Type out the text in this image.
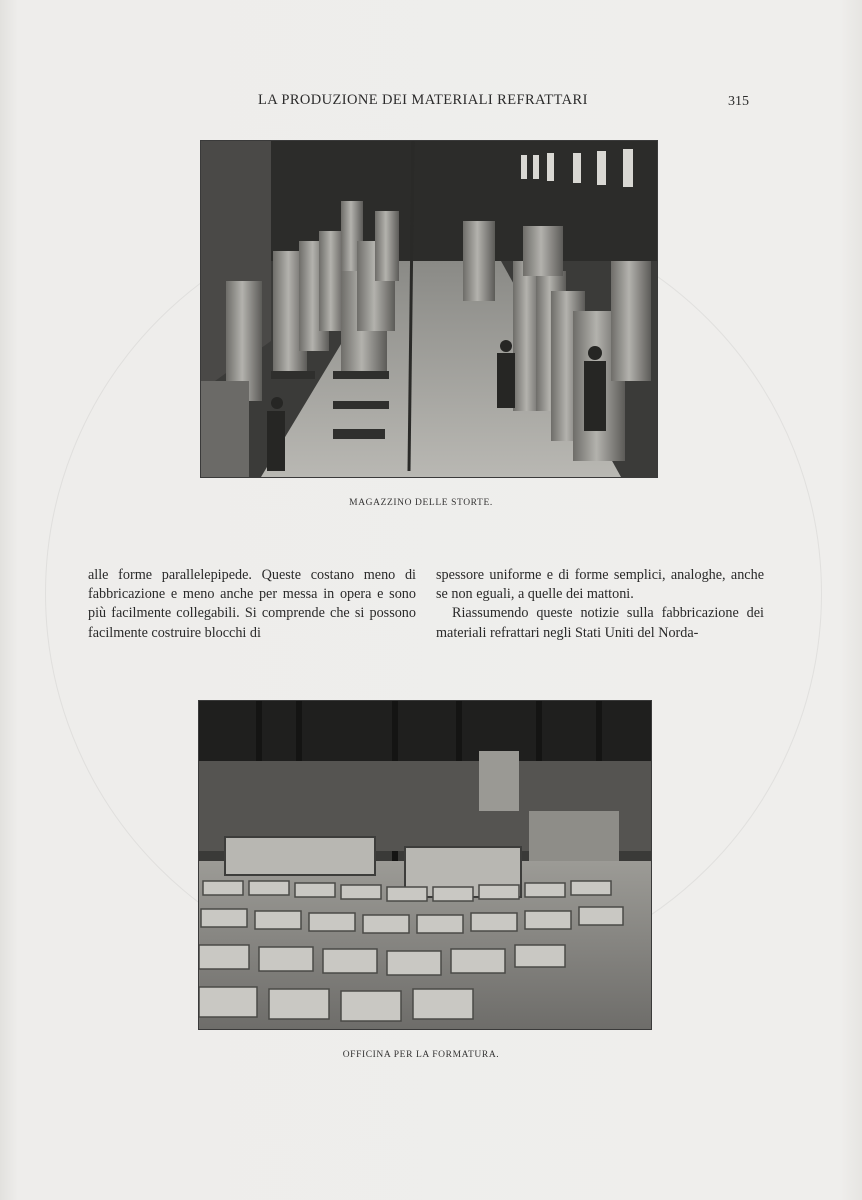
LA PRODUZIONE DEI MATERIALI REFRATTARI	315
MAGAZZINO DELLE STORTE.

alle forme parallelepipede. Queste costano meno di fabbricazione e meno anche per messa in opera e sono più facilmente collegabili. Si comprende che si possono facilmente costruire blocchi di

spessore uniforme e di forme semplici, analoghe, anche se non eguali, a quelle dei mattoni.

Riassumendo queste notizie sulla fabbricazione dei materiali refrattari negli Stati Uniti del Norda-

OFFICINA PER LA FORMATURA.
